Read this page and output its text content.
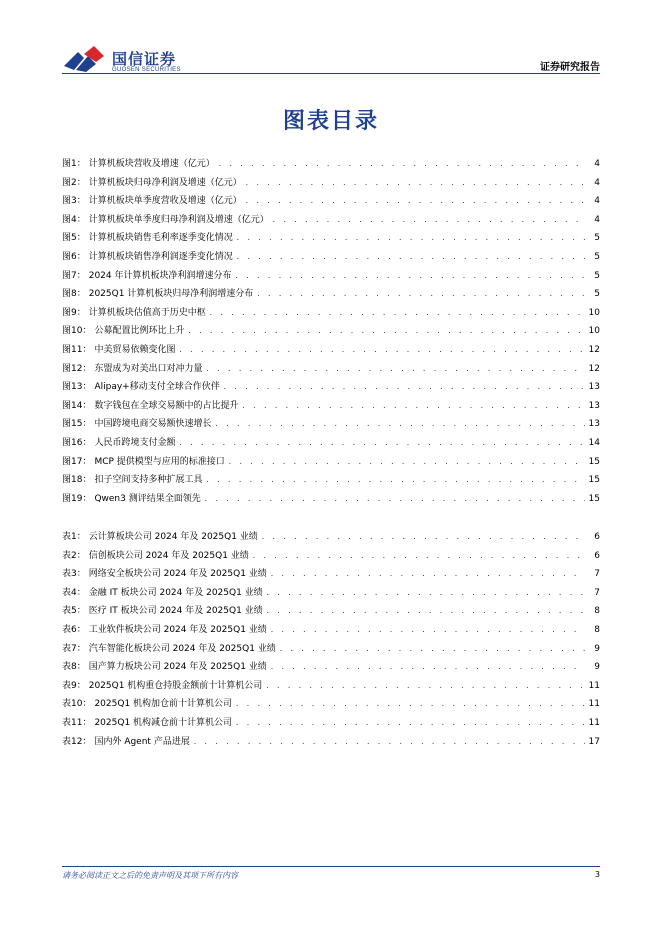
国信证券
GUOSEN SECURITIES	证券研究报告
图表目录
图1： 计算机板块营收及增速（亿元） . . .	4
图2： 计算机板块归母净利润及增速（亿元） . . .	4
图3： 计算机板块单季度营收及增速（亿元） . . .	4
图4： 计算机板块单季度归母净利润及增速（亿元） . . .	4
图5： 计算机板块销售毛利率逐季变化情况 . . .	5
图6： 计算机板块销售净利润逐季变化情况 . . .	5
图7： 2024 年计算机板块净利润增速分布 . . .	5
图8： 2025Q1 计算机板块归母净利润增速分布 . . .	5
图9： 计算机板块估值高于历史中枢 . . .	10
图10： 公募配置比例环比上升 . . .	10
图11： 中美贸易依赖变化图 . . .	12
图12： 东盟成为对美出口对冲力量 . . .	12
图13： Alipay+移动支付全球合作伙伴 . . .	13
图14： 数字钱包在全球交易额中的占比提升 . . .	13
图15： 中国跨境电商交易额快速增长 . . .	13
图16： 人民币跨境支付金额 . . .	14
图17： MCP 提供模型与应用的标准接口 . . .	15
图18： 扣子空间支持多种扩展工具 . . .	15
图19： Qwen3 测评结果全面领先 . . .	15
表1： 云计算板块公司 2024 年及 2025Q1 业绩 . . .	6
表2： 信创板块公司 2024 年及 2025Q1 业绩 . . .	6
表3： 网络安全板块公司 2024 年及 2025Q1 业绩 . . .	7
表4： 金融 IT 板块公司 2024 年及 2025Q1 业绩 . . .	7
表5： 医疗 IT 板块公司 2024 年及 2025Q1 业绩 . . .	8
表6： 工业软件板块公司 2024 年及 2025Q1 业绩 . . .	8
表7： 汽车智能化板块公司 2024 年及 2025Q1 业绩 . . .	9
表8： 国产算力板块公司 2024 年及 2025Q1 业绩 . . .	9
表9： 2025Q1 机构重仓持股金额前十计算机公司 . . .	11
表10： 2025Q1 机构加仓前十计算机公司 . . .	11
表11： 2025Q1 机构减仓前十计算机公司 . . .	11
表12： 国内外 Agent 产品进展 . . .	17
请务必阅读正文之后的免责声明及其项下所有内容	3
